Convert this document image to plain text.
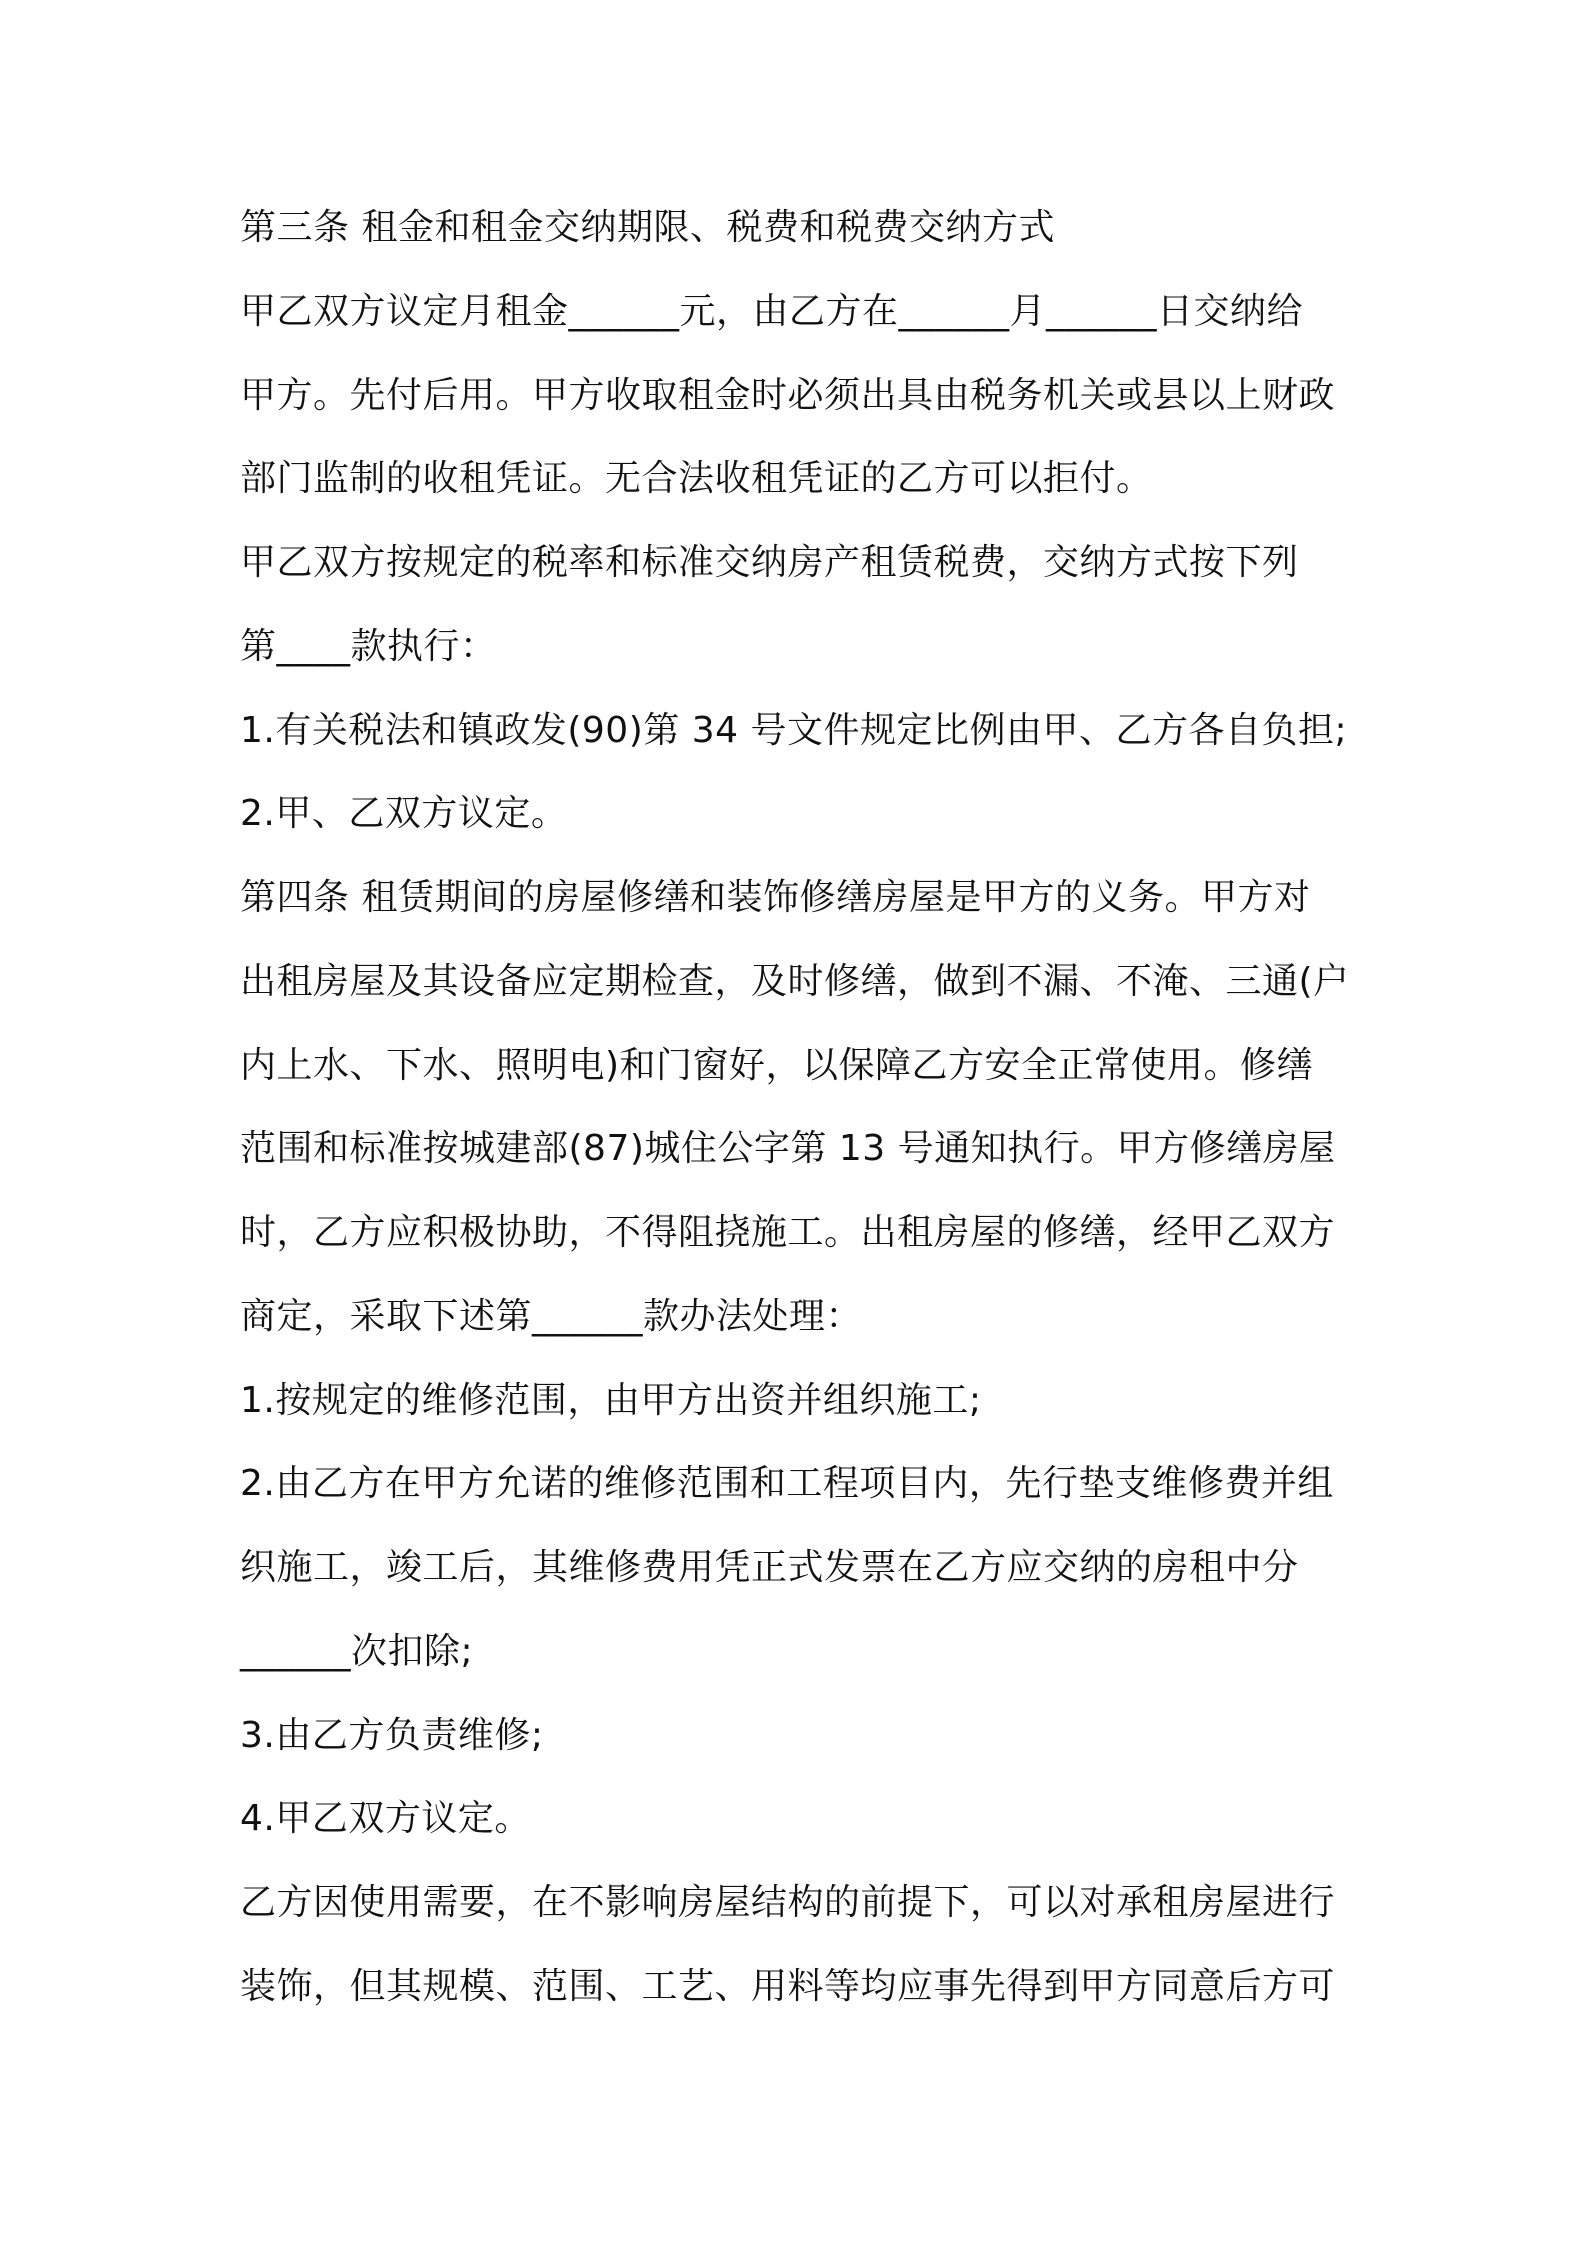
第三条 租金和租金交纳期限、税费和税费交纳方式
甲乙双方议定月租金______元，由乙方在______月______日交纳给
甲方。先付后用。甲方收取租金时必须出具由税务机关或县以上财政
部门监制的收租凭证。无合法收租凭证的乙方可以拒付。
甲乙双方按规定的税率和标准交纳房产租赁税费，交纳方式按下列
第____款执行：
1.有关税法和镇政发(90)第 34 号文件规定比例由甲、乙方各自负担;
2.甲、乙双方议定。
第四条 租赁期间的房屋修缮和装饰修缮房屋是甲方的义务。甲方对
出租房屋及其设备应定期检查，及时修缮，做到不漏、不淹、三通(户
内上水、下水、照明电)和门窗好，以保障乙方安全正常使用。修缮
范围和标准按城建部(87)城住公字第 13 号通知执行。甲方修缮房屋
时，乙方应积极协助，不得阻挠施工。出租房屋的修缮，经甲乙双方
商定，采取下述第______款办法处理：
1.按规定的维修范围，由甲方出资并组织施工;
2.由乙方在甲方允诺的维修范围和工程项目内，先行垫支维修费并组
织施工，竣工后，其维修费用凭正式发票在乙方应交纳的房租中分
______次扣除;
3.由乙方负责维修;
4.甲乙双方议定。
乙方因使用需要，在不影响房屋结构的前提下，可以对承租房屋进行
装饰，但其规模、范围、工艺、用料等均应事先得到甲方同意后方可
